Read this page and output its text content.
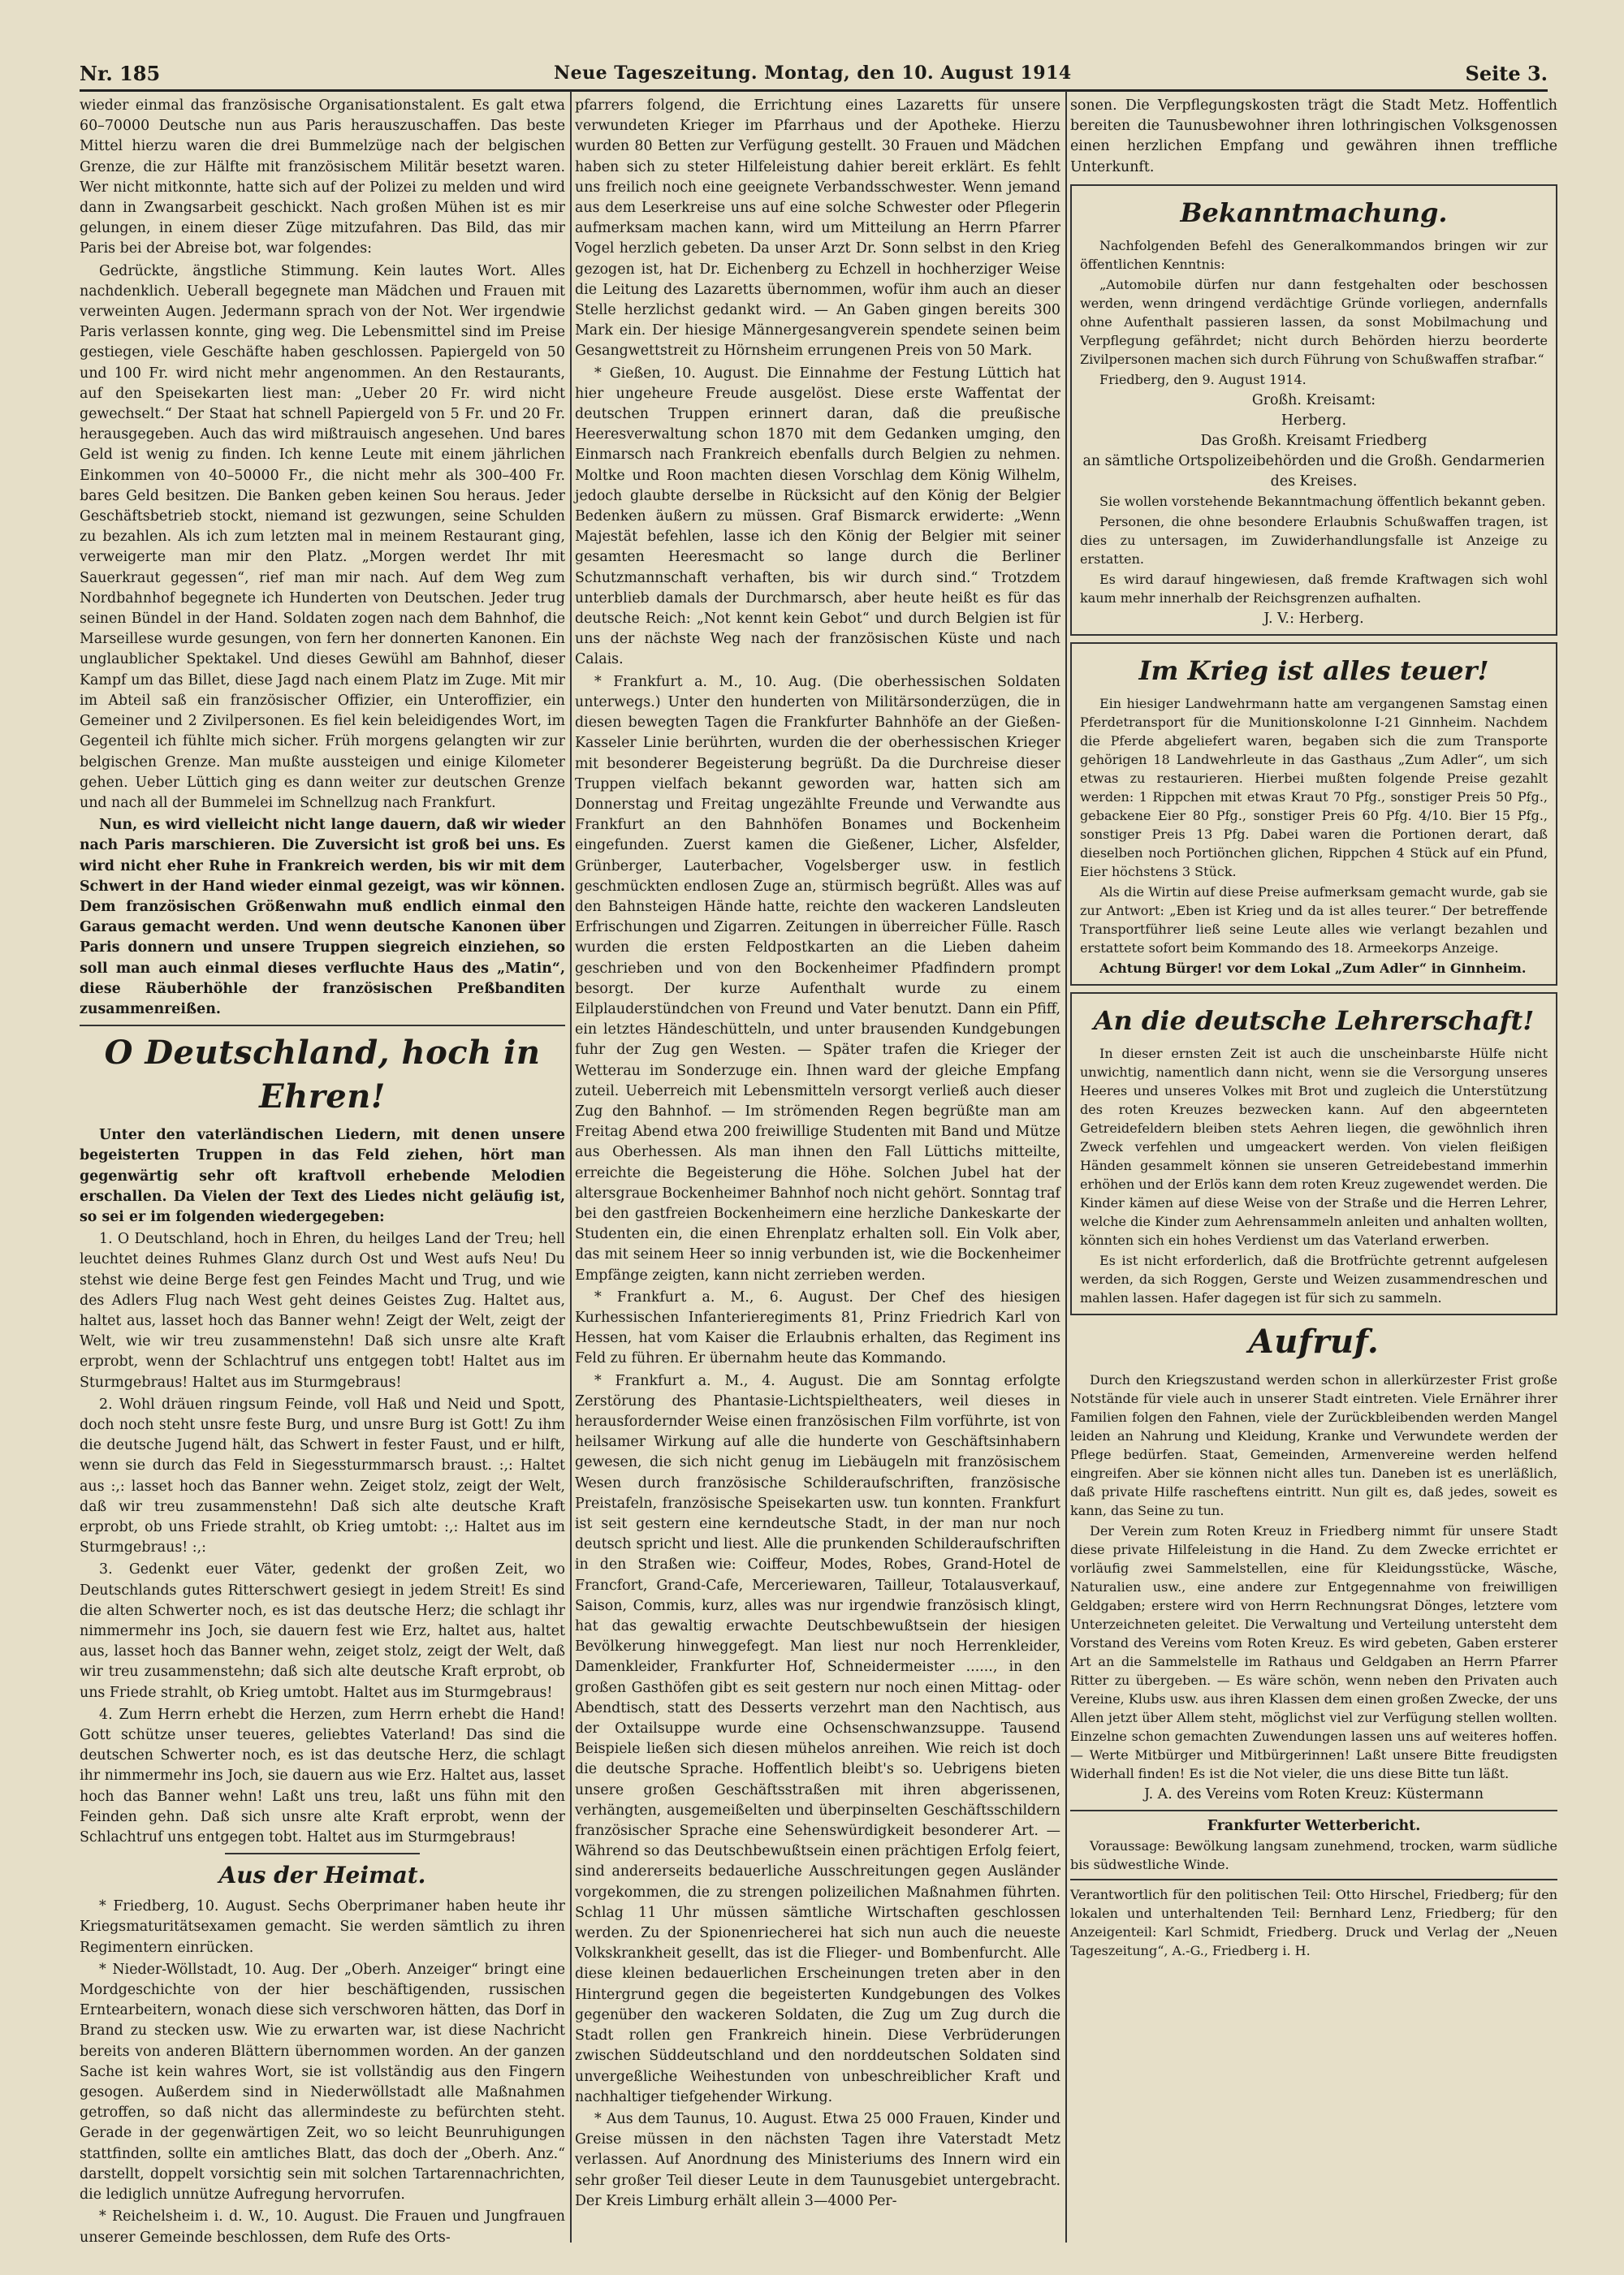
Nr. 185	Neue Tageszeitung. Montag, den 10. August 1914	Seite 3.

wieder einmal das französische Organisationstalent. Es galt etwa 60–70000 Deutsche nun aus Paris herauszuschaffen. Das beste Mittel hierzu waren die drei Bummelzüge nach der belgischen Grenze, die zur Hälfte mit französischem Militär besetzt waren. Wer nicht mitkonnte, hatte sich auf der Polizei zu melden und wird dann in Zwangsarbeit geschickt. Nach großen Mühen ist es mir gelungen, in einem dieser Züge mitzufahren. Das Bild, das mir Paris bei der Abreise bot, war folgendes:

Gedrückte, ängstliche Stimmung. Kein lautes Wort. Alles nachdenklich. Ueberall begegnete man Mädchen und Frauen mit verweinten Augen. Jedermann sprach von der Not. Wer irgendwie Paris verlassen konnte, ging weg. Die Lebensmittel sind im Preise gestiegen, viele Geschäfte haben geschlossen. Papiergeld von 50 und 100 Fr. wird nicht mehr angenommen. An den Restaurants, auf den Speisekarten liest man: „Ueber 20 Fr. wird nicht gewechselt.“ Der Staat hat schnell Papiergeld von 5 Fr. und 20 Fr. herausgegeben. Auch das wird mißtrauisch angesehen. Und bares Geld ist wenig zu finden. Ich kenne Leute mit einem jährlichen Einkommen von 40–50000 Fr., die nicht mehr als 300–400 Fr. bares Geld besitzen. Die Banken geben keinen Sou heraus. Jeder Geschäftsbetrieb stockt, niemand ist gezwungen, seine Schulden zu bezahlen. Als ich zum letzten mal in meinem Restaurant ging, verweigerte man mir den Platz. „Morgen werdet Ihr mit Sauerkraut gegessen“, rief man mir nach. Auf dem Weg zum Nordbahnhof begegnete ich Hunderten von Deutschen. Jeder trug seinen Bündel in der Hand. Soldaten zogen nach dem Bahnhof, die Marseillese wurde gesungen, von fern her donnerten Kanonen. Ein unglaublicher Spektakel. Und dieses Gewühl am Bahnhof, dieser Kampf um das Billet, diese Jagd nach einem Platz im Zuge. Mit mir im Abteil saß ein französischer Offizier, ein Unteroffizier, ein Gemeiner und 2 Zivilpersonen. Es fiel kein beleidigendes Wort, im Gegenteil ich fühlte mich sicher. Früh morgens gelangten wir zur belgischen Grenze. Man mußte aussteigen und einige Kilometer gehen. Ueber Lüttich ging es dann weiter zur deutschen Grenze und nach all der Bummelei im Schnellzug nach Frankfurt.

Nun, es wird vielleicht nicht lange dauern, daß wir wieder nach Paris marschieren. Die Zuversicht ist groß bei uns. Es wird nicht eher Ruhe in Frankreich werden, bis wir mit dem Schwert in der Hand wieder einmal gezeigt, was wir können. Dem französischen Größenwahn muß endlich einmal den Garaus gemacht werden. Und wenn deutsche Kanonen über Paris donnern und unsere Truppen siegreich einziehen, so soll man auch einmal dieses verfluchte Haus des „Matin“, diese Räuberhöhle der französischen Preßbanditen zusammenreißen.

O Deutschland, hoch in Ehren!

Unter den vaterländischen Liedern, mit denen unsere begeisterten Truppen in das Feld ziehen, hört man gegenwärtig sehr oft kraftvoll erhebende Melodien erschallen. Da Vielen der Text des Liedes nicht geläufig ist, so sei er im folgenden wiedergegeben:

1. O Deutschland, hoch in Ehren, du heilges Land der Treu; hell leuchtet deines Ruhmes Glanz durch Ost und West aufs Neu! Du stehst wie deine Berge fest gen Feindes Macht und Trug, und wie des Adlers Flug nach West geht deines Geistes Zug. Haltet aus, haltet aus, lasset hoch das Banner wehn! Zeigt der Welt, zeigt der Welt, wie wir treu zusammenstehn! Daß sich unsre alte Kraft erprobt, wenn der Schlachtruf uns entgegen tobt! Haltet aus im Sturmgebraus! Haltet aus im Sturmgebraus!

2. Wohl dräuen ringsum Feinde, voll Haß und Neid und Spott, doch noch steht unsre feste Burg, und unsre Burg ist Gott! Zu ihm die deutsche Jugend hält, das Schwert in fester Faust, und er hilft, wenn sie durch das Feld in Siegessturmmarsch braust. :,: Haltet aus :,: lasset hoch das Banner wehn. Zeiget stolz, zeigt der Welt, daß wir treu zusammenstehn! Daß sich alte deutsche Kraft erprobt, ob uns Friede strahlt, ob Krieg umtobt: :,: Haltet aus im Sturmgebraus! :,:

3. Gedenkt euer Väter, gedenkt der großen Zeit, wo Deutschlands gutes Ritterschwert gesiegt in jedem Streit! Es sind die alten Schwerter noch, es ist das deutsche Herz; die schlagt ihr nimmermehr ins Joch, sie dauern fest wie Erz, haltet aus, haltet aus, lasset hoch das Banner wehn, zeiget stolz, zeigt der Welt, daß wir treu zusammenstehn; daß sich alte deutsche Kraft erprobt, ob uns Friede strahlt, ob Krieg umtobt. Haltet aus im Sturmgebraus!

4. Zum Herrn erhebt die Herzen, zum Herrn erhebt die Hand! Gott schütze unser teueres, geliebtes Vaterland! Das sind die deutschen Schwerter noch, es ist das deutsche Herz, die schlagt ihr nimmermehr ins Joch, sie dauern aus wie Erz. Haltet aus, lasset hoch das Banner wehn! Laßt uns treu, laßt uns fühn mit den Feinden gehn. Daß sich unsre alte Kraft erprobt, wenn der Schlachtruf uns entgegen tobt. Haltet aus im Sturmgebraus!

Aus der Heimat.

* Friedberg, 10. August. Sechs Oberprimaner haben heute ihr Kriegsmaturitätsexamen gemacht. Sie werden sämtlich zu ihren Regimentern einrücken.

* Nieder-Wöllstadt, 10. Aug. Der „Oberh. Anzeiger“ bringt eine Mordgeschichte von der hier beschäftigenden, russischen Erntearbeitern, wonach diese sich verschworen hätten, das Dorf in Brand zu stecken usw. Wie zu erwarten war, ist diese Nachricht bereits von anderen Blättern übernommen worden. An der ganzen Sache ist kein wahres Wort, sie ist vollständig aus den Fingern gesogen. Außerdem sind in Niederwöllstadt alle Maßnahmen getroffen, so daß nicht das allermindeste zu befürchten steht. Gerade in der gegenwärtigen Zeit, wo so leicht Beunruhigungen stattfinden, sollte ein amtliches Blatt, das doch der „Oberh. Anz.“ darstellt, doppelt vorsichtig sein mit solchen Tartarennachrichten, die lediglich unnütze Aufregung hervorrufen.

* Reichelsheim i. d. W., 10. August. Die Frauen und Jungfrauen unserer Gemeinde beschlossen, dem Rufe des Orts-

pfarrers folgend, die Errichtung eines Lazaretts für unsere verwundeten Krieger im Pfarrhaus und der Apotheke. Hierzu wurden 80 Betten zur Verfügung gestellt. 30 Frauen und Mädchen haben sich zu steter Hilfeleistung dahier bereit erklärt. Es fehlt uns freilich noch eine geeignete Verbandsschwester. Wenn jemand aus dem Leserkreise uns auf eine solche Schwester oder Pflegerin aufmerksam machen kann, wird um Mitteilung an Herrn Pfarrer Vogel herzlich gebeten. Da unser Arzt Dr. Sonn selbst in den Krieg gezogen ist, hat Dr. Eichenberg zu Echzell in hochherziger Weise die Leitung des Lazaretts übernommen, wofür ihm auch an dieser Stelle herzlichst gedankt wird. — An Gaben gingen bereits 300 Mark ein. Der hiesige Männergesangverein spendete seinen beim Gesangwettstreit zu Hörnsheim errungenen Preis von 50 Mark.

* Gießen, 10. August. Die Einnahme der Festung Lüttich hat hier ungeheure Freude ausgelöst. Diese erste Waffentat der deutschen Truppen erinnert daran, daß die preußische Heeresverwaltung schon 1870 mit dem Gedanken umging, den Einmarsch nach Frankreich ebenfalls durch Belgien zu nehmen. Moltke und Roon machten diesen Vorschlag dem König Wilhelm, jedoch glaubte derselbe in Rücksicht auf den König der Belgier Bedenken äußern zu müssen. Graf Bismarck erwiderte: „Wenn Majestät befehlen, lasse ich den König der Belgier mit seiner gesamten Heeresmacht so lange durch die Berliner Schutzmannschaft verhaften, bis wir durch sind.“ Trotzdem unterblieb damals der Durchmarsch, aber heute heißt es für das deutsche Reich: „Not kennt kein Gebot“ und durch Belgien ist für uns der nächste Weg nach der französischen Küste und nach Calais.

* Frankfurt a. M., 10. Aug. (Die oberhessischen Soldaten unterwegs.) Unter den hunderten von Militärsonderzügen, die in diesen bewegten Tagen die Frankfurter Bahnhöfe an der Gießen-Kasseler Linie berührten, wurden die der oberhessischen Krieger mit besonderer Begeisterung begrüßt. Da die Durchreise dieser Truppen vielfach bekannt geworden war, hatten sich am Donnerstag und Freitag ungezählte Freunde und Verwandte aus Frankfurt an den Bahnhöfen Bonames und Bockenheim eingefunden. Zuerst kamen die Gießener, Licher, Alsfelder, Grünberger, Lauterbacher, Vogelsberger usw. in festlich geschmückten endlosen Zuge an, stürmisch begrüßt. Alles was auf den Bahnsteigen Hände hatte, reichte den wackeren Landsleuten Erfrischungen und Zigarren. Zeitungen in überreicher Fülle. Rasch wurden die ersten Feldpostkarten an die Lieben daheim geschrieben und von den Bockenheimer Pfadfindern prompt besorgt. Der kurze Aufenthalt wurde zu einem Eilplauderstündchen von Freund und Vater benutzt. Dann ein Pfiff, ein letztes Händeschütteln, und unter brausenden Kundgebungen fuhr der Zug gen Westen. — Später trafen die Krieger der Wetterau im Sonderzuge ein. Ihnen ward der gleiche Empfang zuteil. Ueberreich mit Lebensmitteln versorgt verließ auch dieser Zug den Bahnhof. — Im strömenden Regen begrüßte man am Freitag Abend etwa 200 freiwillige Studenten mit Band und Mütze aus Oberhessen. Als man ihnen den Fall Lüttichs mitteilte, erreichte die Begeisterung die Höhe. Solchen Jubel hat der altersgraue Bockenheimer Bahnhof noch nicht gehört. Sonntag traf bei den gastfreien Bockenheimern eine herzliche Dankeskarte der Studenten ein, die einen Ehrenplatz erhalten soll. Ein Volk aber, das mit seinem Heer so innig verbunden ist, wie die Bockenheimer Empfänge zeigten, kann nicht zerrieben werden.

* Frankfurt a. M., 6. August. Der Chef des hiesigen Kurhessischen Infanterieregiments 81, Prinz Friedrich Karl von Hessen, hat vom Kaiser die Erlaubnis erhalten, das Regiment ins Feld zu führen. Er übernahm heute das Kommando.

* Frankfurt a. M., 4. August. Die am Sonntag erfolgte Zerstörung des Phantasie-Lichtspieltheaters, weil dieses in herausfordernder Weise einen französischen Film vorführte, ist von heilsamer Wirkung auf alle die hunderte von Geschäftsinhabern gewesen, die sich nicht genug im Liebäugeln mit französischem Wesen durch französische Schilderaufschriften, französische Preistafeln, französische Speisekarten usw. tun konnten. Frankfurt ist seit gestern eine kerndeutsche Stadt, in der man nur noch deutsch spricht und liest. Alle die prunkenden Schilderaufschriften in den Straßen wie: Coiffeur, Modes, Robes, Grand-Hotel de Francfort, Grand-Cafe, Merceriewaren, Tailleur, Totalausverkauf, Saison, Commis, kurz, alles was nur irgendwie französisch klingt, hat das gewaltig erwachte Deutschbewußtsein der hiesigen Bevölkerung hinweggefegt. Man liest nur noch Herrenkleider, Damenkleider, Frankfurter Hof, Schneidermeister ......, in den großen Gasthöfen gibt es seit gestern nur noch einen Mittag- oder Abendtisch, statt des Desserts verzehrt man den Nachtisch, aus der Oxtailsuppe wurde eine Ochsenschwanzsuppe. Tausend Beispiele ließen sich diesen mühelos anreihen. Wie reich ist doch die deutsche Sprache. Hoffentlich bleibt's so. Uebrigens bieten unsere großen Geschäftsstraßen mit ihren abgerissenen, verhängten, ausgemeißelten und überpinselten Geschäftsschildern französischer Sprache eine Sehenswürdigkeit besonderer Art. — Während so das Deutschbewußtsein einen prächtigen Erfolg feiert, sind andererseits bedauerliche Ausschreitungen gegen Ausländer vorgekommen, die zu strengen polizeilichen Maßnahmen führten. Schlag 11 Uhr müssen sämtliche Wirtschaften geschlossen werden. Zu der Spionenriecherei hat sich nun auch die neueste Volkskrankheit gesellt, das ist die Flieger- und Bombenfurcht. Alle diese kleinen bedauerlichen Erscheinungen treten aber in den Hintergrund gegen die begeisterten Kundgebungen des Volkes gegenüber den wackeren Soldaten, die Zug um Zug durch die Stadt rollen gen Frankreich hinein. Diese Verbrüderungen zwischen Süddeutschland und den norddeutschen Soldaten sind unvergeßliche Weihestunden von unbeschreiblicher Kraft und nachhaltiger tiefgehender Wirkung.

* Aus dem Taunus, 10. August. Etwa 25 000 Frauen, Kinder und Greise müssen in den nächsten Tagen ihre Vaterstadt Metz verlassen. Auf Anordnung des Ministeriums des Innern wird ein sehr großer Teil dieser Leute in dem Taunusgebiet untergebracht. Der Kreis Limburg erhält allein 3—4000 Per-

sonen. Die Verpflegungskosten trägt die Stadt Metz. Hoffentlich bereiten die Taunusbewohner ihren lothringischen Volksgenossen einen herzlichen Empfang und gewähren ihnen treffliche Unterkunft.

Bekanntmachung.

Nachfolgenden Befehl des Generalkommandos bringen wir zur öffentlichen Kenntnis:

„Automobile dürfen nur dann festgehalten oder beschossen werden, wenn dringend verdächtige Gründe vorliegen, andernfalls ohne Aufenthalt passieren lassen, da sonst Mobilmachung und Verpflegung gefährdet; nicht durch Behörden hierzu beorderte Zivilpersonen machen sich durch Führung von Schußwaffen strafbar.“

Friedberg, den 9. August 1914.

Großh. Kreisamt:
Herberg.
Das Großh. Kreisamt Friedberg
an sämtliche Ortspolizeibehörden und die Großh. Gendarmerien des Kreises.

Sie wollen vorstehende Bekanntmachung öffentlich bekannt geben.

Personen, die ohne besondere Erlaubnis Schußwaffen tragen, ist dies zu untersagen, im Zuwiderhandlungsfalle ist Anzeige zu erstatten.

Es wird darauf hingewiesen, daß fremde Kraftwagen sich wohl kaum mehr innerhalb der Reichsgrenzen aufhalten.

J. V.: Herberg.
Im Krieg ist alles teuer!

Ein hiesiger Landwehrmann hatte am vergangenen Samstag einen Pferdetransport für die Munitionskolonne I-21 Ginnheim. Nachdem die Pferde abgeliefert waren, begaben sich die zum Transporte gehörigen 18 Landwehrleute in das Gasthaus „Zum Adler“, um sich etwas zu restaurieren. Hierbei mußten folgende Preise gezahlt werden: 1 Rippchen mit etwas Kraut 70 Pfg., sonstiger Preis 50 Pfg., gebackene Eier 80 Pfg., sonstiger Preis 60 Pfg. 4/10. Bier 15 Pfg., sonstiger Preis 13 Pfg. Dabei waren die Portionen derart, daß dieselben noch Portiönchen glichen, Rippchen 4 Stück auf ein Pfund, Eier höchstens 3 Stück.

Als die Wirtin auf diese Preise aufmerksam gemacht wurde, gab sie zur Antwort: „Eben ist Krieg und da ist alles teurer.“ Der betreffende Transportführer ließ seine Leute alles wie verlangt bezahlen und erstattete sofort beim Kommando des 18. Armeekorps Anzeige.

Achtung Bürger! vor dem Lokal „Zum Adler“ in Ginnheim.

An die deutsche Lehrerschaft!

In dieser ernsten Zeit ist auch die unscheinbarste Hülfe nicht unwichtig, namentlich dann nicht, wenn sie die Versorgung unseres Heeres und unseres Volkes mit Brot und zugleich die Unterstützung des roten Kreuzes bezwecken kann. Auf den abgeernteten Getreidefeldern bleiben stets Aehren liegen, die gewöhnlich ihren Zweck verfehlen und umgeackert werden. Von vielen fleißigen Händen gesammelt können sie unseren Getreidebestand immerhin erhöhen und der Erlös kann dem roten Kreuz zugewendet werden. Die Kinder kämen auf diese Weise von der Straße und die Herren Lehrer, welche die Kinder zum Aehrensammeln anleiten und anhalten wollten, könnten sich ein hohes Verdienst um das Vaterland erwerben.

Es ist nicht erforderlich, daß die Brotfrüchte getrennt aufgelesen werden, da sich Roggen, Gerste und Weizen zusammendreschen und mahlen lassen. Hafer dagegen ist für sich zu sammeln.

Aufruf.

Durch den Kriegszustand werden schon in allerkürzester Frist große Notstände für viele auch in unserer Stadt eintreten. Viele Ernährer ihrer Familien folgen den Fahnen, viele der Zurückbleibenden werden Mangel leiden an Nahrung und Kleidung, Kranke und Verwundete werden der Pflege bedürfen. Staat, Gemeinden, Armenvereine werden helfend eingreifen. Aber sie können nicht alles tun. Daneben ist es unerläßlich, daß private Hilfe rascheftens eintritt. Nun gilt es, daß jedes, soweit es kann, das Seine zu tun.

Der Verein zum Roten Kreuz in Friedberg nimmt für unsere Stadt diese private Hilfeleistung in die Hand. Zu dem Zwecke errichtet er vorläufig zwei Sammelstellen, eine für Kleidungsstücke, Wäsche, Naturalien usw., eine andere zur Entgegennahme von freiwilligen Geldgaben; erstere wird von Herrn Rechnungsrat Dönges, letztere vom Unterzeichneten geleitet. Die Verwaltung und Verteilung untersteht dem Vorstand des Vereins vom Roten Kreuz. Es wird gebeten, Gaben ersterer Art an die Sammelstelle im Rathaus und Geldgaben an Herrn Pfarrer Ritter zu übergeben. — Es wäre schön, wenn neben den Privaten auch Vereine, Klubs usw. aus ihren Klassen dem einen großen Zwecke, der uns Allen jetzt über Allem steht, möglichst viel zur Verfügung stellen wollten. Einzelne schon gemachten Zuwendungen lassen uns auf weiteres hoffen. — Werte Mitbürger und Mitbürgerinnen! Laßt unsere Bitte freudigsten Widerhall finden! Es ist die Not vieler, die uns diese Bitte tun läßt.

J. A. des Vereins vom Roten Kreuz: Küstermann
Frankfurter Wetterbericht.

Voraussage: Bewölkung langsam zunehmend, trocken, warm südliche bis südwestliche Winde.

Verantwortlich für den politischen Teil: Otto Hirschel, Friedberg; für den lokalen und unterhaltenden Teil: Bernhard Lenz, Friedberg; für den Anzeigenteil: Karl Schmidt, Friedberg. Druck und Verlag der „Neuen Tageszeitung“, A.-G., Friedberg i. H.
